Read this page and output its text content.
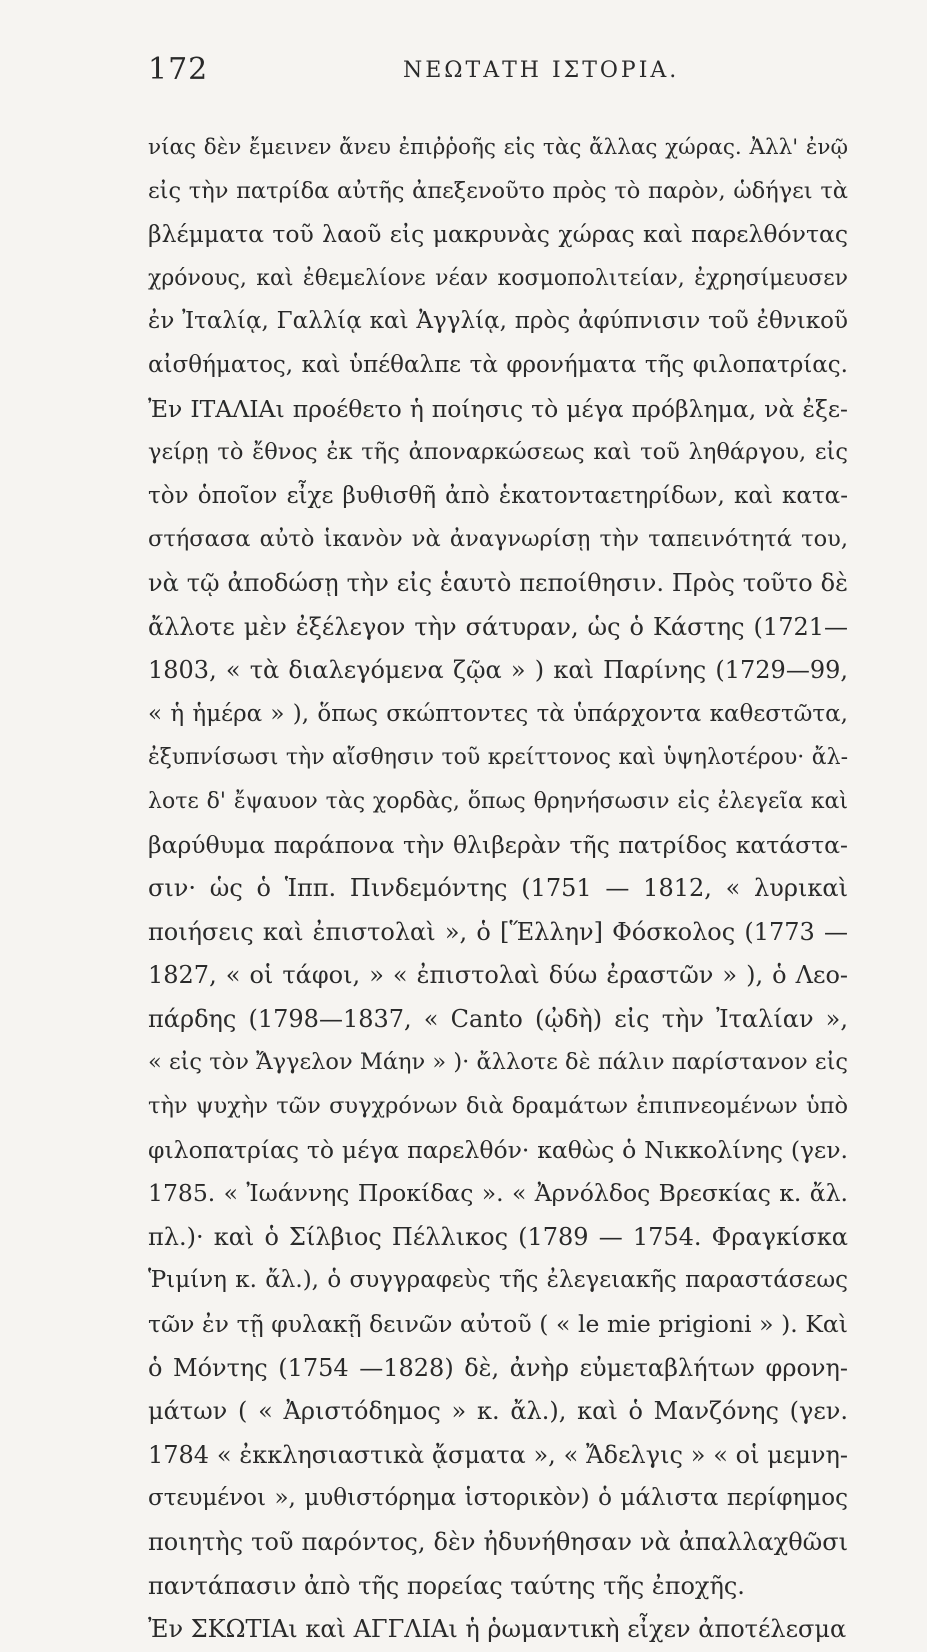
172	ΝΕΩΤΑΤΗ ΙΣΤΟΡΙΑ.
νίας δὲν ἔμεινεν ἄνευ ἐπιῤῥοῆς εἰς τὰς ἄλλας χώρας. Ἀλλ' ἐνῷ
εἰς τὴν πατρίδα αὐτῆς ἀπεξενοῦτο πρὸς τὸ παρὸν, ὡδήγει τὰ
βλέμματα τοῦ λαοῦ εἰς μακρυνὰς χώρας καὶ παρελθόντας
χρόνους, καὶ ἐθεμελίονε νέαν κοσμοπολιτείαν, ἐχρησίμευσεν
ἐν Ἰταλίᾳ, Γαλλίᾳ καὶ Ἀγγλίᾳ, πρὸς ἀφύπνισιν τοῦ ἐθνικοῦ
αἰσθήματος, καὶ ὑπέθαλπε τὰ φρονήματα τῆς φιλοπατρίας.
Ἐν ΙΤΑΛΙΑι προέθετο ἡ ποίησις τὸ μέγα πρόβλημα, νὰ ἐξε-
γείρῃ τὸ ἔθνος ἐκ τῆς ἀποναρκώσεως καὶ τοῦ ληθάργου, εἰς
τὸν ὁποῖον εἶχε βυθισθῆ ἀπὸ ἑκατονταετηρίδων, καὶ κατα-
στήσασα αὐτὸ ἱκανὸν νὰ ἀναγνωρίσῃ τὴν ταπεινότητά του,
νὰ τῷ ἀποδώσῃ τὴν εἰς ἑαυτὸ πεποίθησιν. Πρὸς τοῦτο δὲ
ἄλλοτε μὲν ἐξέλεγον τὴν σάτυραν, ὡς ὁ Κάστης (1721—
1803, « τὰ διαλεγόμενα ζῷα » ) καὶ Παρίνης (1729—99,
« ἡ ἡμέρα » ), ὅπως σκώπτοντες τὰ ὑπάρχοντα καθεστῶτα,
ἐξυπνίσωσι τὴν αἴσθησιν τοῦ κρείττονος καὶ ὑψηλοτέρου· ἄλ-
λοτε δ' ἔψαυον τὰς χορδὰς, ὅπως θρηνήσωσιν εἰς ἐλεγεῖα καὶ
βαρύθυμα παράπονα τὴν θλιβερὰν τῆς πατρίδος κατάστα-
σιν· ὡς ὁ Ἱππ. Πινδεμόντης (1751 — 1812, « λυρικαὶ
ποιήσεις καὶ ἐπιστολαὶ », ὁ [Ἕλλην] Φόσκολος (1773 —
1827, « οἱ τάφοι, » « ἐπιστολαὶ δύω ἐραστῶν » ), ὁ Λεο-
πάρδης (1798—1837, « Canto (ᾠδὴ) εἰς τὴν Ἰταλίαν »,
« εἰς τὸν Ἄγγελον Μάην » )· ἄλλοτε δὲ πάλιν παρίστανον εἰς
τὴν ψυχὴν τῶν συγχρόνων διὰ δραμάτων ἐπιπνεομένων ὑπὸ
φιλοπατρίας τὸ μέγα παρελθόν· καθὼς ὁ Νικκολίνης (γεν.
1785. « Ἰωάννης Προκίδας ». « Ἀρνόλδος Βρεσκίας κ. ἄλ.
πλ.)· καὶ ὁ Σίλβιος Πέλλικος (1789 — 1754. Φραγκίσκα
Ῥιμίνη κ. ἄλ.), ὁ συγγραφεὺς τῆς ἐλεγειακῆς παραστάσεως
τῶν ἐν τῇ φυλακῇ δεινῶν αὐτοῦ ( « le mie prigioni » ). Καὶ
ὁ Μόντης (1754 —1828) δὲ, ἀνὴρ εὐμεταβλήτων φρονη-
μάτων ( « Ἀριστόδημος » κ. ἄλ.), καὶ ὁ Μανζόνης (γεν.
1784 « ἐκκλησιαστικὰ ᾄσματα », « Ἄδελγις » « οἱ μεμνη-
στευμένοι », μυθιστόρημα ἱστορικὸν) ὁ μάλιστα περίφημος
ποιητὴς τοῦ παρόντος, δὲν ἠδυνήθησαν νὰ ἀπαλλαχθῶσι
παντάπασιν ἀπὸ τῆς πορείας ταύτης τῆς ἐποχῆς.
Ἐν ΣΚΩΤΙΑι καὶ ΑΓΓΛΙΑι ἡ ῥωμαντικὴ εἶχεν ἀποτέλεσμα
